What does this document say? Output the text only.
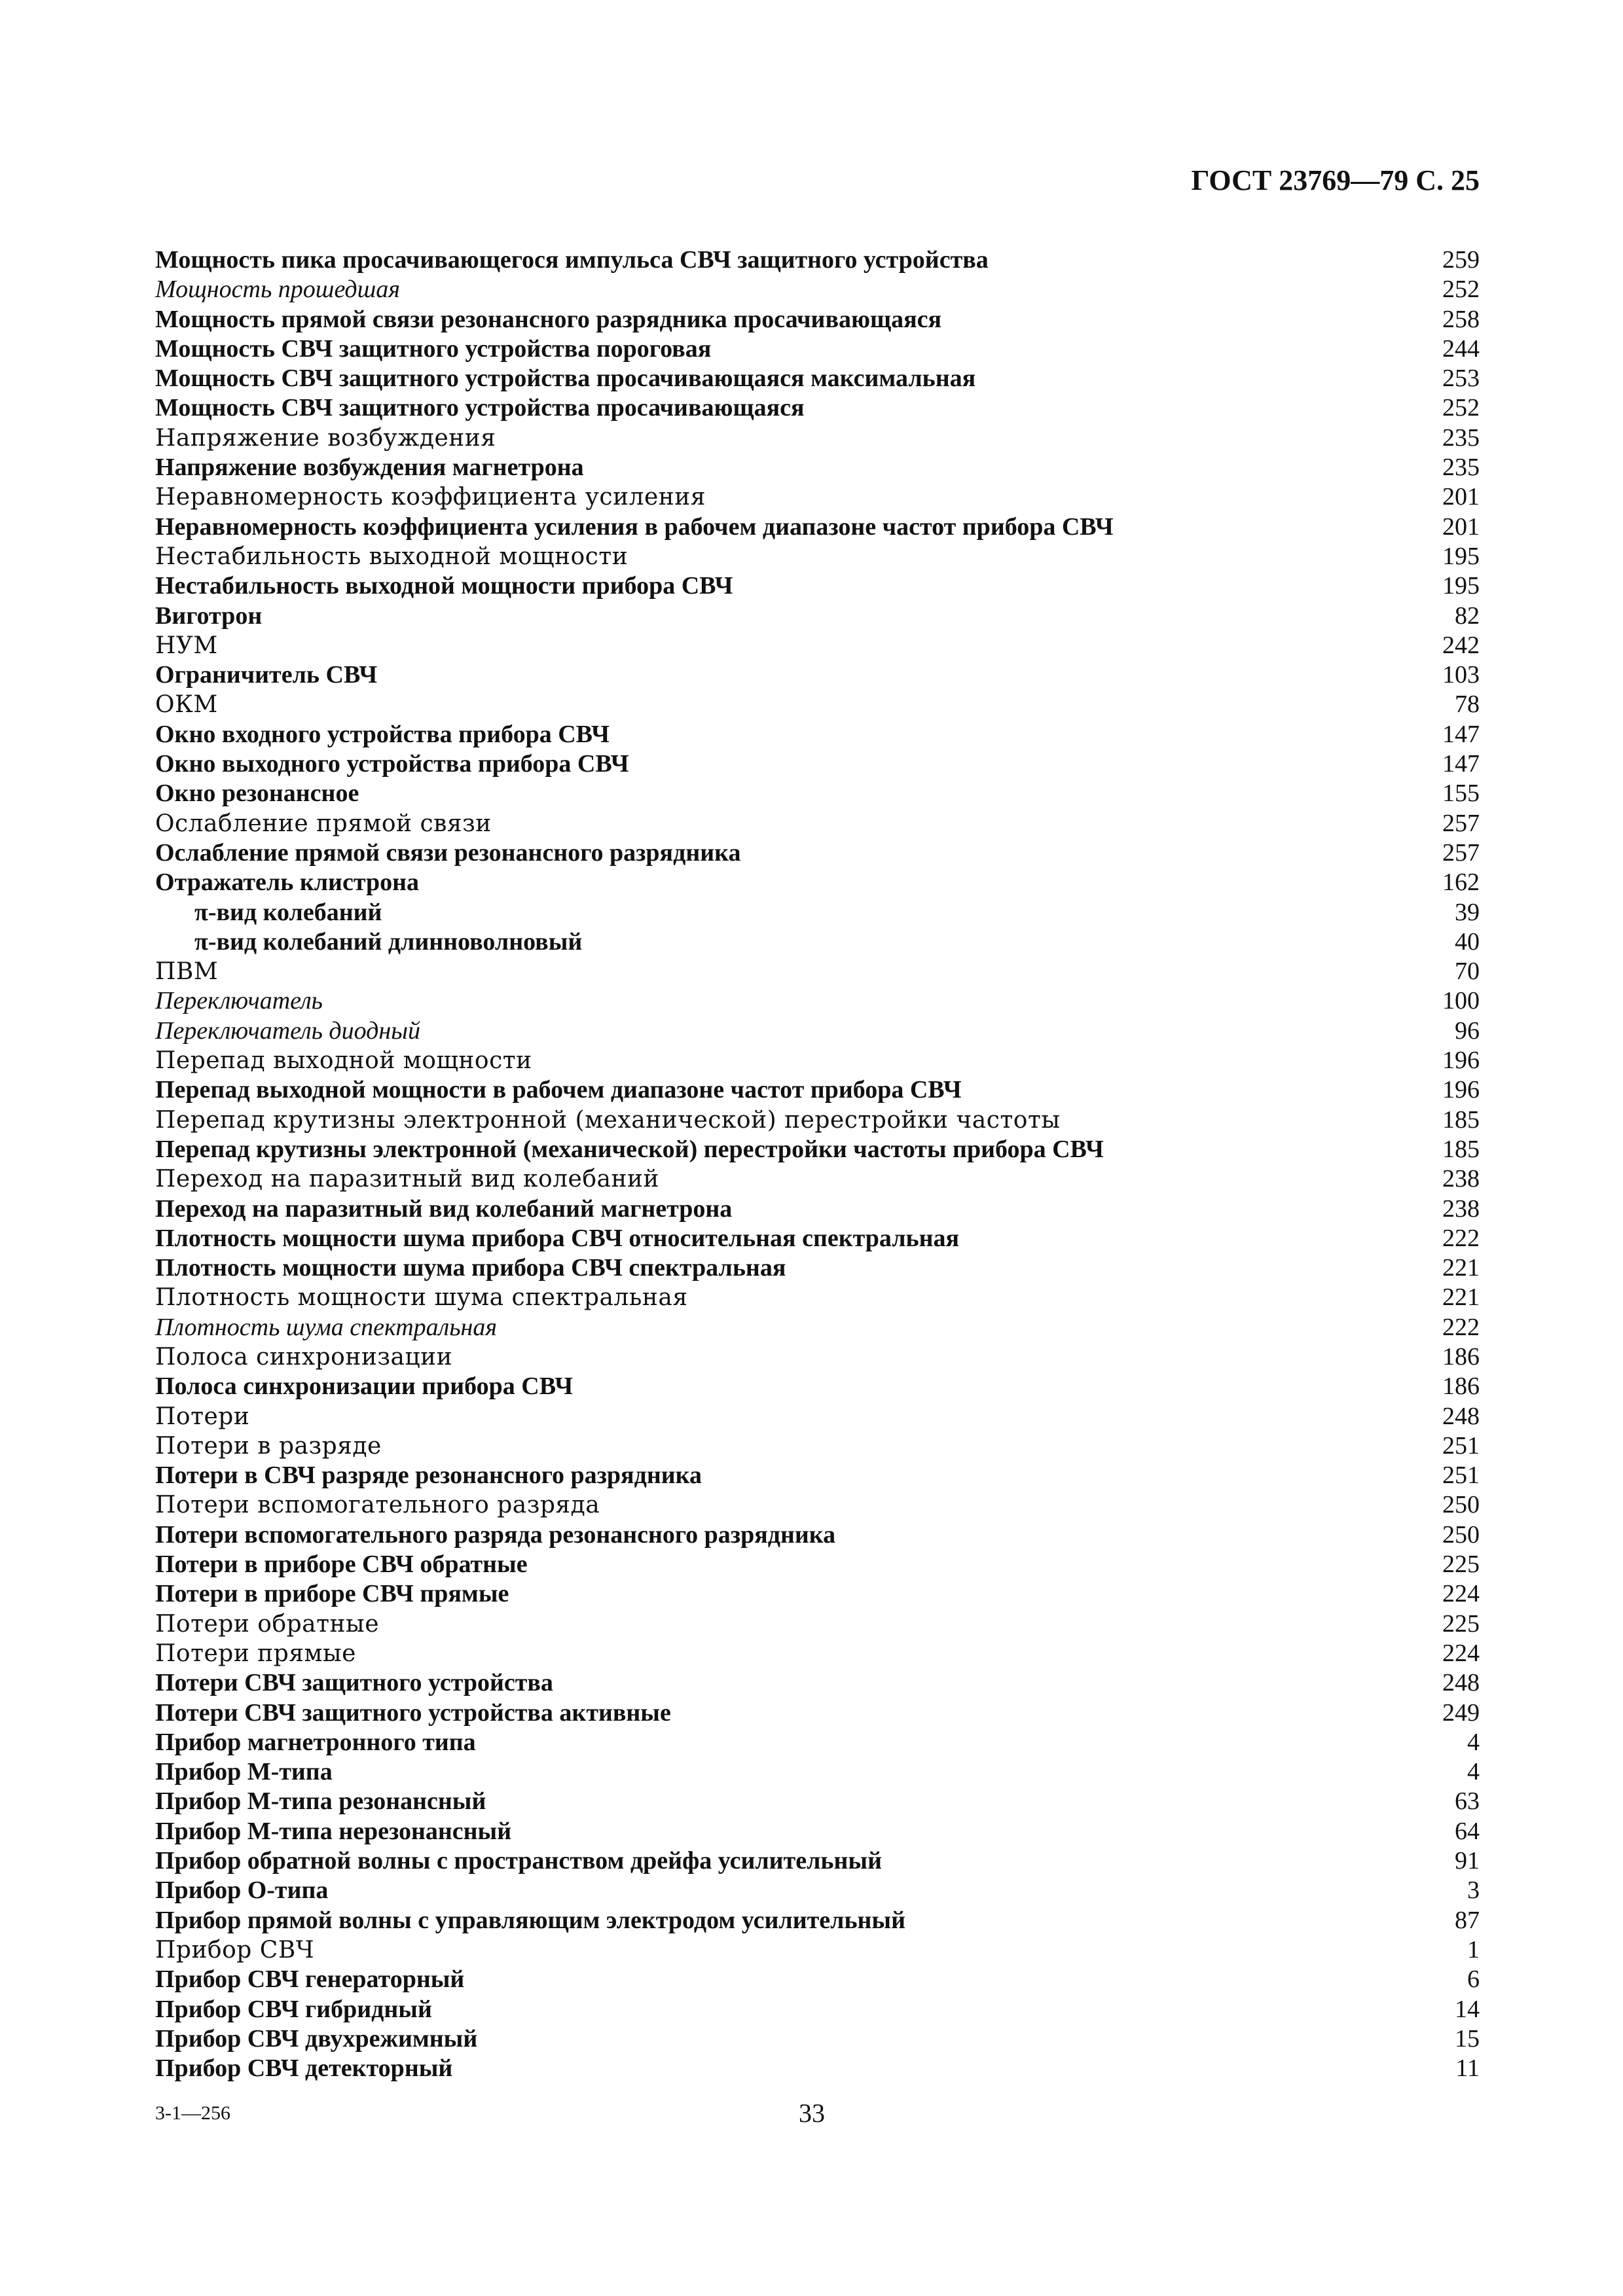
ГОСТ 23769—79 С. 25
Мощность пика просачивающегося импульса СВЧ защитного устройства	259
Мощность прошедшая	252
Мощность прямой связи резонансного разрядника просачивающаяся	258
Мощность СВЧ защитного устройства пороговая	244
Мощность СВЧ защитного устройства просачивающаяся максимальная	253
Мощность СВЧ защитного устройства просачивающаяся	252
Напряжение возбуждения	235
Напряжение возбуждения магнетрона	235
Неравномерность коэффициента усиления	201
Неравномерность коэффициента усиления в рабочем диапазоне частот прибора СВЧ	201
Нестабильность выходной мощности	195
Нестабильность выходной мощности прибора СВЧ	195
Виготрон	82
НУМ	242
Ограничитель СВЧ	103
ОКМ	78
Окно входного устройства прибора СВЧ	147
Окно выходного устройства прибора СВЧ	147
Окно резонансное	155
Ослабление прямой связи	257
Ослабление прямой связи резонансного разрядника	257
Отражатель клистрона	162
π-вид колебаний	39
π-вид колебаний длинноволновый	40
ПВМ	70
Переключатель	100
Переключатель диодный	96
Перепад выходной мощности	196
Перепад выходной мощности в рабочем диапазоне частот прибора СВЧ	196
Перепад крутизны электронной (механической) перестройки частоты	185
Перепад крутизны электронной (механической) перестройки частоты прибора СВЧ	185
Переход на паразитный вид колебаний	238
Переход на паразитный вид колебаний магнетрона	238
Плотность мощности шума прибора СВЧ относительная спектральная	222
Плотность мощности шума прибора СВЧ спектральная	221
Плотность мощности шума спектральная	221
Плотность шума спектральная	222
Полоса синхронизации	186
Полоса синхронизации прибора СВЧ	186
Потери	248
Потери в разряде	251
Потери в СВЧ разряде резонансного разрядника	251
Потери вспомогательного разряда	250
Потери вспомогательного разряда резонансного разрядника	250
Потери в приборе СВЧ обратные	225
Потери в приборе СВЧ прямые	224
Потери обратные	225
Потери прямые	224
Потери СВЧ защитного устройства	248
Потери СВЧ защитного устройства активные	249
Прибор магнетронного типа	4
Прибор М-типа	4
Прибор М-типа резонансный	63
Прибор М-типа нерезонансный	64
Прибор обратной волны с пространством дрейфа усилительный	91
Прибор О-типа	3
Прибор прямой волны с управляющим электродом усилительный	87
Прибор СВЧ	1
Прибор СВЧ генераторный	6
Прибор СВЧ гибридный	14
Прибор СВЧ двухрежимный	15
Прибор СВЧ детекторный	11
3-1—256	33
